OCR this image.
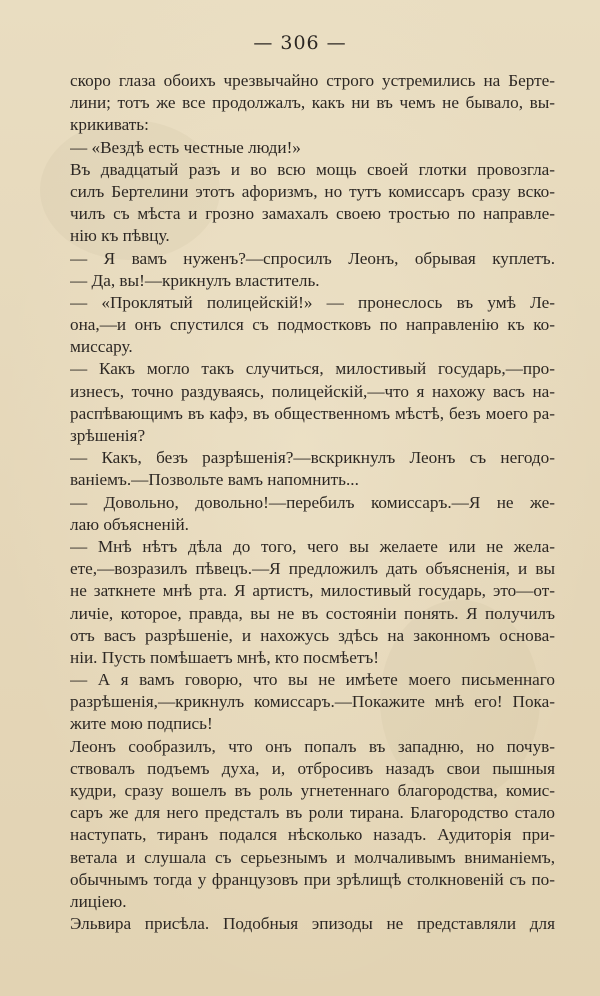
— 306 —
скоро глаза обоихъ чрезвычайно строго устремились на Берте-
лини; тотъ же все продолжалъ, какъ ни въ чемъ не бывало, вы-
крикивать:
— «Вездѣ есть честные люди!»
Въ двадцатый разъ и во всю мощь своей глотки провозгла-
силъ Бертелини этотъ афоризмъ, но тутъ комиссаръ сразу вско-
чилъ съ мѣста и грозно замахалъ своею тростью по направле-
нію къ пѣвцу.
— Я вамъ нуженъ?—спросилъ Леонъ, обрывая куплетъ.
— Да, вы!—крикнулъ властитель.
— «Проклятый полицейскій!» — пронеслось въ умѣ Ле-
она,—и онъ спустился съ подмостковъ по направленію къ ко-
миссару.
— Какъ могло такъ случиться, милостивый государь,—про-
изнесъ, точно раздуваясь, полицейскій,—что я нахожу васъ на-
распѣвающимъ въ кафэ, въ общественномъ мѣстѣ, безъ моего ра-
зрѣшенія?
— Какъ, безъ разрѣшенія?—вскрикнулъ Леонъ съ негодо-
ваніемъ.—Позвольте вамъ напомнить...
— Довольно, довольно!—перебилъ комиссаръ.—Я не же-
лаю объясненій.
— Мнѣ нѣтъ дѣла до того, чего вы желаете или не жела-
ете,—возразилъ пѣвецъ.—Я предложилъ дать объясненія, и вы
не заткнете мнѣ рта. Я артистъ, милостивый государь, это—от-
личіе, которое, правда, вы не въ состояніи понять. Я получилъ
отъ васъ разрѣшеніе, и нахожусь здѣсь на законномъ основа-
ніи. Пусть помѣшаетъ мнѣ, кто посмѣетъ!
— А я вамъ говорю, что вы не имѣете моего письменнаго
разрѣшенія,—крикнулъ комиссаръ.—Покажите мнѣ его! Пока-
жите мою подпись!
Леонъ сообразилъ, что онъ попалъ въ западню, но почув-
ствовалъ подъемъ духа, и, отбросивъ назадъ свои пышныя
кудри, сразу вошелъ въ роль угнетеннаго благородства, комис-
саръ же для него предсталъ въ роли тирана. Благородство стало
наступать, тиранъ подался нѣсколько назадъ. Аудиторія при-
ветала и слушала съ серьезнымъ и молчаливымъ вниманіемъ,
обычнымъ тогда у французовъ при зрѣлищѣ столкновеній съ по-
лиціею.
Эльвира присѣла. Подобныя эпизоды не представляли для
